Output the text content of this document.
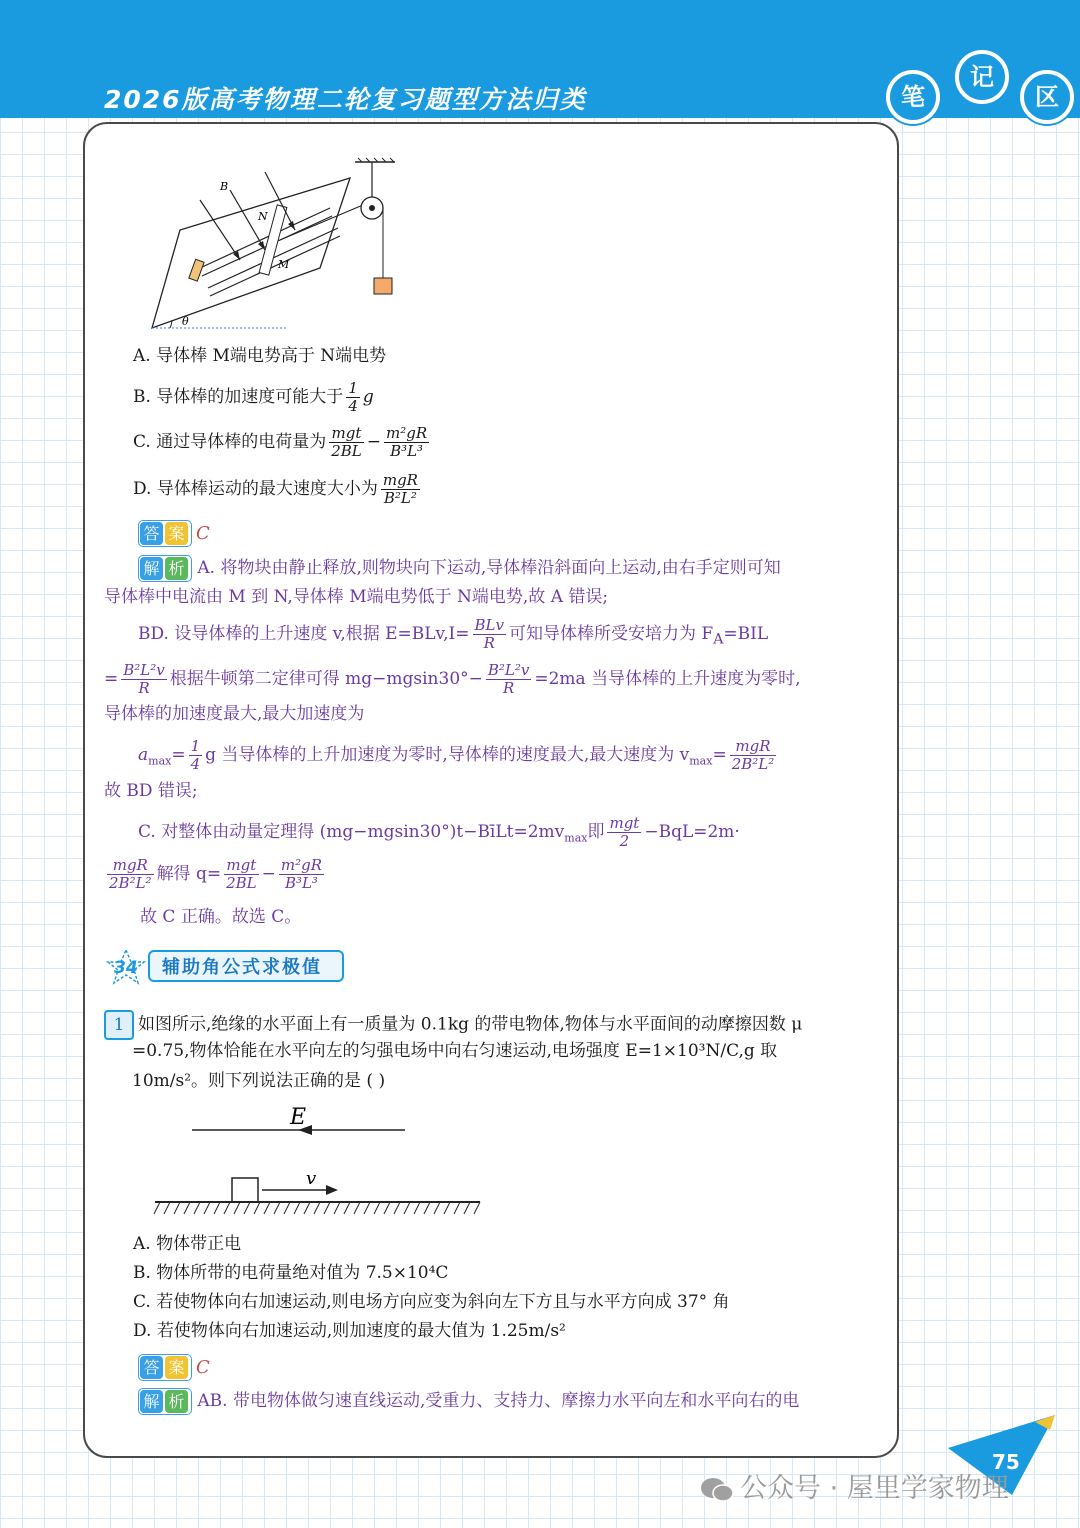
2026版高考物理二轮复习题型方法归类	笔
记
区
B
N
M
θ
A. 导体棒 M端电势高于 N端电势
B. 导体棒的加速度可能大于 $\frac{1}{4}$ g
C. 通过导体棒的电荷量为 $\frac{\text{mgt}}{2BL} - \frac{\text{m²gR}}{\text{B³L³}}$
D. 导体棒运动的最大速度大小为 $\frac{\text{mgR}}{\text{B²L²}}$
答 案 C
解 析 A. 将物块由静止释放,则物块向下运动,导体棒沿斜面向上运动,由右手定则可知
导体棒中电流由 M 到 N,导体棒 M端电势低于 N端电势,故 A 错误;
BD. 设导体棒的上升速度 v,根据 $E=BLv,I= \frac{\text{BLv}}{R}$ 可知导体棒所受安培力为 $F_A=BIL$
= $\frac{\text{B²L²v}}{R}$ 根据牛顿第二定律可得 $mg-mgsin30^\circ- \frac{\text{B²L²v}}{R} =2ma$ 当导体棒的上升速度为零时,
导体棒的加速度最大,最大加速度为
$a_{max}= \frac{1}{4}$ g 当导体棒的上升加速度为零时,导体棒的速度最大,最大速度为 $v_{max}= \frac{\text{mgR}}{\text{2B²L²}}$
故 BD 错误;
C. 对整体由动量定理得 $(mg-mgsin30^\circ)t-BīLt=2mv_{max}$即 $\frac{\text{mgt}}{2} -BqL=2m\cdot$
$\frac{\text{mgR}}{\text{2B²L²}}$ 解得 $q= \frac{\text{mgt}}{2BL} - \frac{\text{m²gR}}{\text{B³L³}}$
故 C 正确。故选 C。
34	辅助角公式求极值
1 如图所示,绝缘的水平面上有一质量为 0.1kg 的带电物体,物体与水平面间的动摩擦因数 μ
=0.75,物体恰能在水平向左的匀强电场中向右匀速运动,电场强度 E=1×10³N/C,g 取
10m/s²。则下列说法正确的是 ( )
E
v
A. 物体带正电
B. 物体所带的电荷量绝对值为 7.5×10⁴C
C. 若使物体向右加速运动,则电场方向应变为斜向左下方且与水平方向成 37° 角
D. 若使物体向右加速运动,则加速度的最大值为 1.25m/s²
答 案 C
解 析 AB. 带电物体做匀速直线运动,受重力、支持力、摩擦力水平向左和水平向右的电
75
公众号 · 屋里学家物理
